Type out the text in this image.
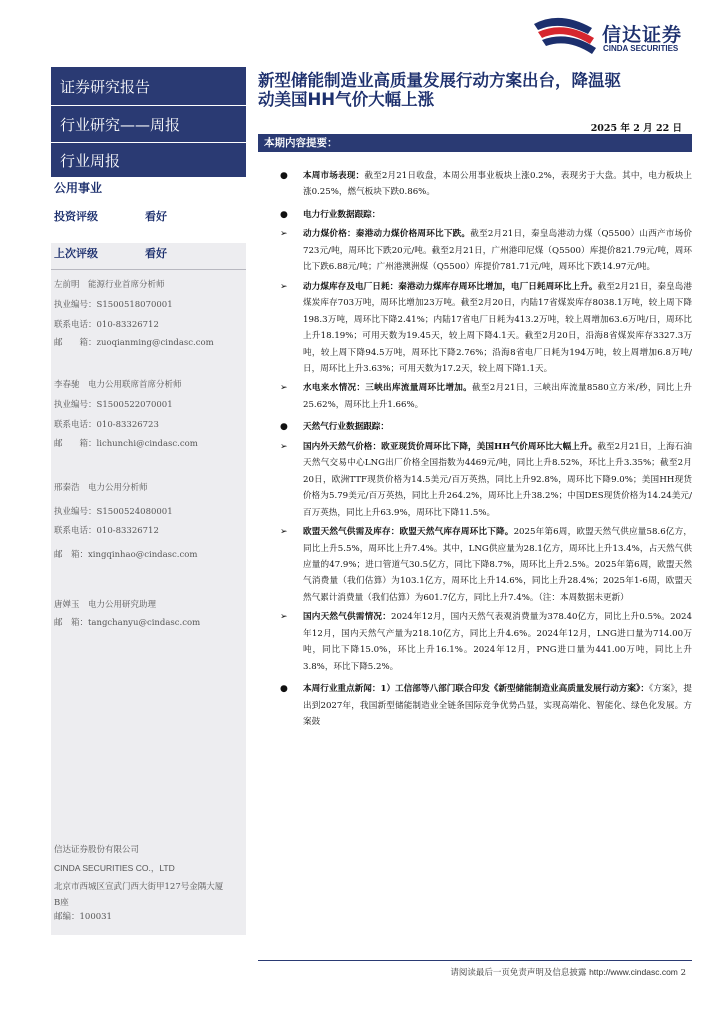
信达证券
CINDA SECURITIES
证券研究报告
行业研究——周报
行业周报
公用事业
投资评级	看好
上次评级	看好
左前明　能源行业首席分析师
执业编号：S1500518070001
联系电话：010-83326712
邮　　箱：zuoqianming@cindasc.com
李春驰　电力公用联席首席分析师
执业编号：S1500522070001
联系电话：010-83326723
邮　　箱：lichunchi@cindasc.com
邢秦浩　电力公用分析师
执业编号：S1500524080001
联系电话：010-83326712
邮　箱：xingqinhao@cindasc.com
唐婵玉　电力公用研究助理
邮　箱：tangchanyu@cindasc.com
信达证券股份有限公司
CINDA SECURITIES CO.，LTD
北京市西城区宣武门西大街甲127号金隅大厦
B座
邮编：100031
新型储能制造业高质量发展行动方案出台，降温驱
动美国HH气价大幅上涨
2025 年 2 月 22 日
本期内容提要：
● 本周市场表现：截至2月21日收盘，本周公用事业板块上涨0.2%，表现劣于大盘。其中，电力板块上涨0.25%，燃气板块下跌0.86%。
● 电力行业数据跟踪：
➢ 动力煤价格：秦港动力煤价格周环比下跌。截至2月21日，秦皇岛港动力煤（Q5500）山西产市场价723元/吨，周环比下跌20元/吨。截至2月21日，广州港印尼煤（Q5500）库提价821.79元/吨，周环比下跌6.88元/吨；广州港澳洲煤（Q5500）库提价781.71元/吨，周环比下跌14.97元/吨。
➢ 动力煤库存及电厂日耗：秦港动力煤库存周环比增加，电厂日耗周环比上升。截至2月21日，秦皇岛港煤炭库存703万吨，周环比增加23万吨。截至2月20日，内陆17省煤炭库存8038.1万吨，较上周下降198.3万吨，周环比下降2.41%；内陆17省电厂日耗为413.2万吨，较上周增加63.6万吨/日，周环比上升18.19%；可用天数为19.45天，较上周下降4.1天。截至2月20日，沿海8省煤炭库存3327.3万吨，较上周下降94.5万吨，周环比下降2.76%；沿海8省电厂日耗为194万吨，较上周增加6.8万吨/日，周环比上升3.63%；可用天数为17.2天，较上周下降1.1天。
➢ 水电来水情况：三峡出库流量周环比增加。截至2月21日，三峡出库流量8580立方米/秒，同比上升25.62%，周环比上升1.66%。
● 天然气行业数据跟踪：
➢ 国内外天然气价格：欧亚现货价周环比下降，美国HH气价周环比大幅上升。截至2月21日，上海石油天然气交易中心LNG出厂价格全国指数为4469元/吨，同比上升8.52%，环比上升3.35%；截至2月20日，欧洲TTF现货价格为14.5美元/百万英热，同比上升92.8%，周环比下降9.0%；美国HH现货价格为5.79美元/百万英热，同比上升264.2%，周环比上升38.2%；中国DES现货价格为14.24美元/百万英热，同比上升63.9%，周环比下降11.5%。
➢ 欧盟天然气供需及库存：欧盟天然气库存周环比下降。2025年第6周，欧盟天然气供应量58.6亿方，同比上升5.5%，周环比上升7.4%。其中，LNG供应量为28.1亿方，周环比上升13.4%，占天然气供应量的47.9%；进口管道气30.5亿方，同比下降8.7%，周环比上升2.5%。2025年第6周，欧盟天然气消费量（我们估算）为103.1亿方，周环比上升14.6%，同比上升28.4%；2025年1-6周，欧盟天然气累计消费量（我们估算）为601.7亿方，同比上升7.4%。（注：本周数据未更新）
➢ 国内天然气供需情况：2024年12月，国内天然气表观消费量为378.40亿方，同比上升0.5%。2024年12月，国内天然气产量为218.10亿方，同比上升4.6%。2024年12月，LNG进口量为714.00万吨，同比下降15.0%，环比上升16.1%。2024年12月，PNG进口量为441.00万吨，同比上升3.8%，环比下降5.2%。
● 本周行业重点新闻：1）工信部等八部门联合印发《新型储能制造业高质量发展行动方案》：《方案》，提出到2027年，我国新型储能制造业全链条国际竞争优势凸显，实现高端化、智能化、绿色化发展。方案鼓
请阅读最后一页免责声明及信息披露 http://www.cindasc.com 2
